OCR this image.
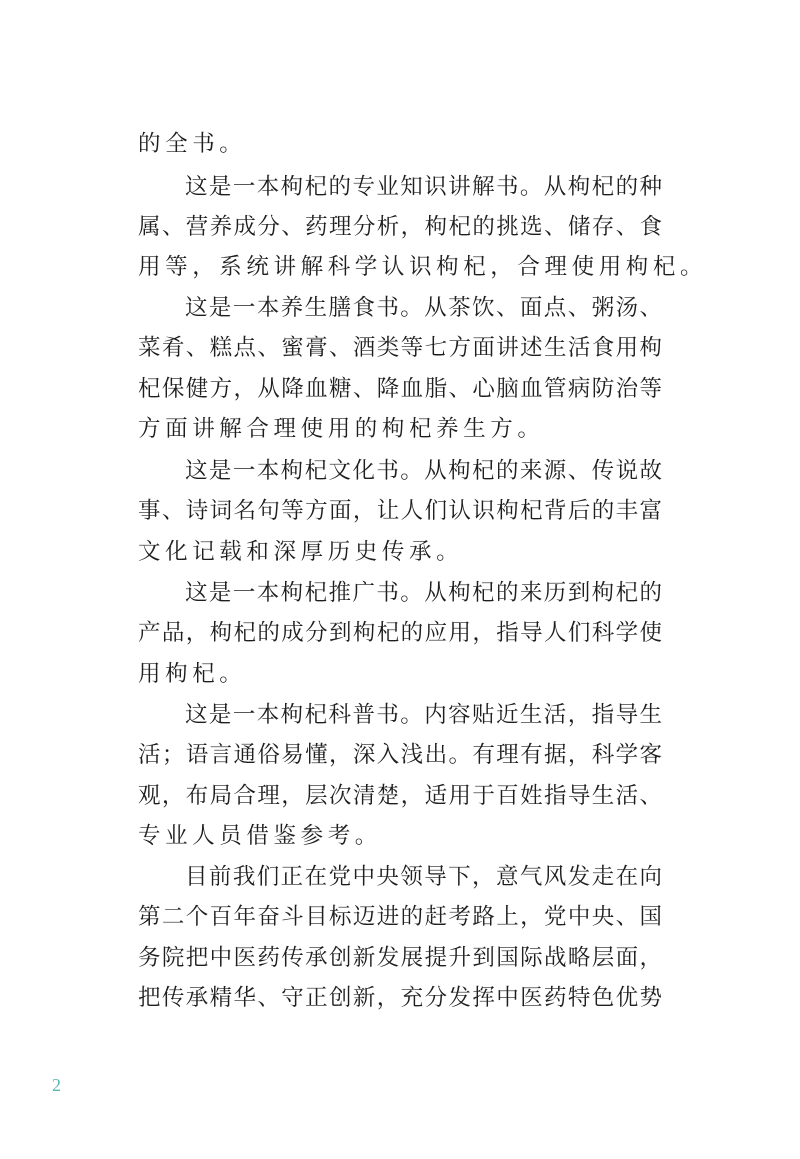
的全书。
这是一本枸杞的专业知识讲解书。从枸杞的种
属、营养成分、药理分析，枸杞的挑选、储存、食
用等，系统讲解科学认识枸杞，合理使用枸杞。
这是一本养生膳食书。从茶饮、面点、粥汤、
菜肴、糕点、蜜膏、酒类等七方面讲述生活食用枸
杞保健方，从降血糖、降血脂、心脑血管病防治等
方面讲解合理使用的枸杞养生方。
这是一本枸杞文化书。从枸杞的来源、传说故
事、诗词名句等方面，让人们认识枸杞背后的丰富
文化记载和深厚历史传承。
这是一本枸杞推广书。从枸杞的来历到枸杞的
产品，枸杞的成分到枸杞的应用，指导人们科学使
用枸杞。
这是一本枸杞科普书。内容贴近生活，指导生
活；语言通俗易懂，深入浅出。有理有据，科学客
观，布局合理，层次清楚，适用于百姓指导生活、
专业人员借鉴参考。
目前我们正在党中央领导下，意气风发走在向
第二个百年奋斗目标迈进的赶考路上，党中央、国
务院把中医药传承创新发展提升到国际战略层面，
把传承精华、守正创新，充分发挥中医药特色优势
2
